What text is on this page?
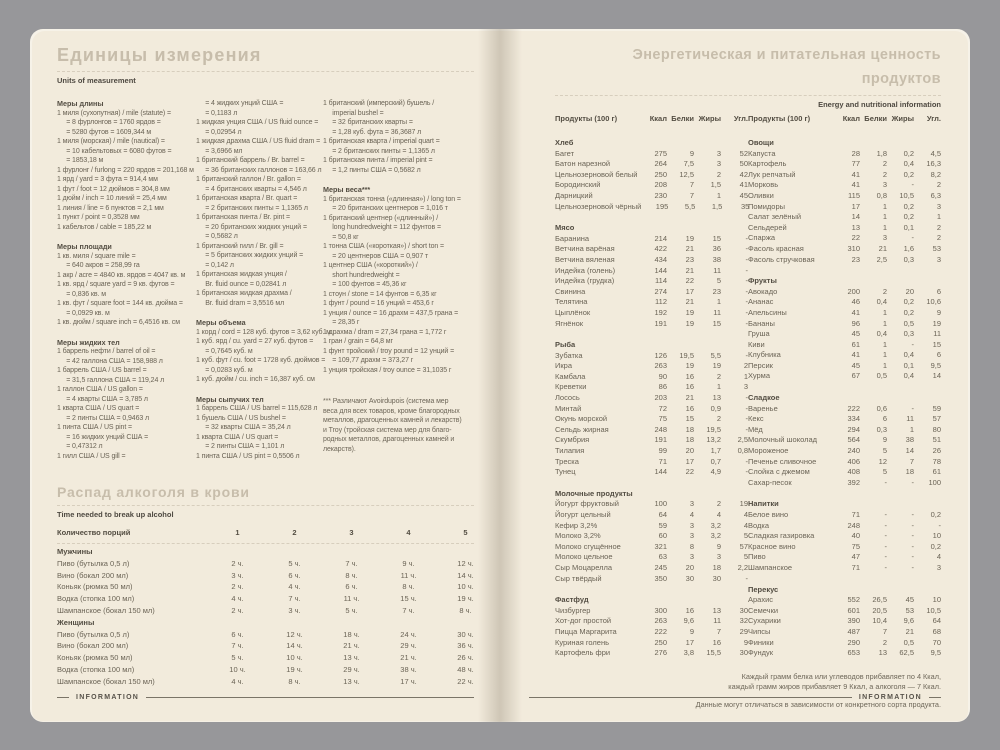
Единицы измерения
Units of measurement
Меры длины
1 миля (сухопутная) / mile (statute) =
= 8 фурлонгов = 1760 ярдов =
= 5280 футов = 1609,344 м
1 миля (морская) / mile (nautical) =
= 10 кабельтовых = 6080 футов =
= 1853,18 м
1 фурлонг / furlong = 220 ярдов = 201,168 м
1 ярд / yard = 3 фута = 914,4 мм
1 фут / foot = 12 дюймов = 304,8 мм
1 дюйм / inch = 10 линий = 25,4 мм
1 линия / line = 6 пунктов = 2,1 мм
1 пункт / point = 0,3528 мм
1 кабельтов / cable = 185,22 м
Меры площади
1 кв. миля / square mile =
= 640 акров = 258,99 га
1 акр / acre = 4840 кв. ярдов = 4047 кв. м
1 кв. ярд / square yard = 9 кв. футов =
= 0,836 кв. м
1 кв. фут / square foot = 144 кв. дюйма =
= 0,0929 кв. м
1 кв. дюйм / square inch = 6,4516 кв. см
Меры жидких тел
1 баррель нефти / barrel of oil =
= 42 галлона США = 158,988 л
1 баррель США / US barrel =
= 31,5 галлона США = 119,24 л
1 галлон США / US gallon =
= 4 кварты США = 3,785 л
1 кварта США / US quart =
= 2 пинты США = 0,9463 л
1 пинта США / US pint =
= 16 жидких унций США =
= 0,47312 л
1 гилл США / US gill =
= 4 жидких унций США =
= 0,1183 л
1 жидкая унция США / US fluid ounce =
= 0,02954 л
1 жидкая драхма США / US fluid dram =
= 3,6966 мл
1 британский баррель / Br. barrel =
= 36 британских галлонов = 163,66 л
1 британский галлон / Br. gallon =
= 4 британских кварты = 4,546 л
1 британская кварта / Br. quart =
= 2 британских пинты = 1,1365 л
1 британская пинта / Br. pint =
= 20 британских жидких унций =
= 0,5682 л
1 британский гилл / Br. gill =
= 5 британских жидких унций =
= 0,142 л
1 британская жидкая унция /
Br. fluid ounce = 0,02841 л
1 британская жидкая драхма /
Br. fluid dram = 3,5516 мл
Меры объема
1 корд / cord = 128 куб. футов = 3,62 куб. м
1 куб. ярд / cu. yard = 27 куб. футов =
= 0,7645 куб. м
1 куб. фут / cu. foot = 1728 куб. дюймов =
= 0,0283 куб. м
1 куб. дюйм / cu. inch = 16,387 куб. см
Меры сыпучих тел
1 баррель США / US barrel = 115,628 л
1 бушель США / US bushel =
= 32 кварты США = 35,24 л
1 кварта США / US quart =
= 2 пинты США = 1,101 л
1 пинта США / US pint = 0,5506 л
1 британский (имперский) бушель /
imperial bushel =
= 32 британских кварты =
= 1,28 куб. фута = 36,3687 л
1 британская кварта / imperial quart =
= 2 британских пинты = 1,1365 л
1 британская пинта / imperial pint =
= 1,2 пинты США = 0,5682 л
Меры веса***
1 британская тонна («длинная») / long ton =
= 20 британских центнеров = 1,016 т
1 британский центнер («длинный») /
long hundredweight = 112 фунтов =
= 50,8 кг
1 тонна США («короткая») / short ton =
= 20 центнеров США = 0,907 т
1 центнер США («короткий») /
short hundredweight =
= 100 фунтов = 45,36 кг
1 стоун / stone = 14 фунтов = 6,35 кг
1 фунт / pound = 16 унций = 453,6 г
1 унция / ounce = 16 драхм = 437,5 грана =
= 28,35 г
1 драхма / dram = 27,34 грана = 1,772 г
1 гран / grain = 64,8 мг
1 фунт тройский / troy pound = 12 унций =
= 109,77 драхм = 373,27 г
1 унция тройская / troy ounce = 31,1035 г
*** Различают Avoirdupois (система мер
веса для всех товаров, кроме благородных
металлов, драгоценных камней и лекарств)
и Troy (тройская система мер для благо-
родных металлов, драгоценных камней и
лекарств).
Распад алкоголя в крови
Time needed to break up alcohol
Количество порций	1	2	3	4	5
Мужчины
Пиво (бутылка 0,5 л)	2 ч.	5 ч.	7 ч.	9 ч.	12 ч.
Вино (бокал 200 мл)	3 ч.	6 ч.	8 ч.	11 ч.	14 ч.
Коньяк (рюмка 50 мл)	2 ч.	4 ч.	6 ч.	8 ч.	10 ч.
Водка (стопка 100 мл)	4 ч.	7 ч.	11 ч.	15 ч.	19 ч.
Шампанское (бокал 150 мл)	2 ч.	3 ч.	5 ч.	7 ч.	8 ч.
Женщины
Пиво (бутылка 0,5 л)	6 ч.	12 ч.	18 ч.	24 ч.	30 ч.
Вино (бокал 200 мл)	7 ч.	14 ч.	21 ч.	29 ч.	36 ч.
Коньяк (рюмка 50 мл)	5 ч.	10 ч.	13 ч.	21 ч.	26 ч.
Водка (стопка 100 мл)	10 ч.	19 ч.	29 ч.	38 ч.	48 ч.
Шампанское (бокал 150 мл)	4 ч.	8 ч.	13 ч.	17 ч.	22 ч.
INFORMATION
Энергетическая и питательная ценность продуктов
Energy and nutritional information
Продукты (100 г)	Ккал Белки Жиры	Угл.
Хлеб
Багет	275	9	3	52
Батон нарезной	264	7,5	3	50
Цельнозерновой белый	250	12,5	2	42
Бородинский	208	7	1,5	41
Дарницкий	230	7	1	45
Цельнозерновой чёрный	195	5,5	1,5	35
Мясо
Баранина	214	19	15	-
Ветчина варёная	422	21	36	-
Ветчина вяленая	434	23	38	-
Индейка (голень)	144	21	11	-
Индейка (грудка)	114	22	5	-
Свинина	274	17	23	-
Телятина	112	21	1	-
Цыплёнок	192	19	11	-
Ягнёнок	191	19	15	-
Рыба
Зубатка	126	19,5	5,5	-
Икра	263	19	19	2
Камбала	90	16	2	1
Креветки	86	16	1	3
Лосось	203	21	13	-
Минтай	72	16	0,9	-
Окунь морской	75	15	2	-
Сельдь жирная	248	18	19,5	-
Скумбрия	191	18	13,2	2,5
Тилапия	99	20	1,7	0,8
Треска	71	17	0,7	-
Тунец	144	22	4,9	-
Молочные продукты
Йогурт фруктовый	100	3	2	19
Йогурт цельный	64	4	4	4
Кефир 3,2%	59	3	3,2	4
Молоко 3,2%	60	3	3,2	5
Молоко сгущённое	321	8	9	57
Молоко цельное	63	3	3	5
Сыр Моцарелла	245	20	18	2,2
Сыр твёрдый	350	30	30	-
Фастфуд
Чизбургер	300	16	13	30
Хот-дог простой	263	9,6	11	32
Пицца Маргарита	222	9	7	29
Куриная голень	250	17	16	9
Картофель фри	276	3,8	15,5	30
Продукты (100 г)	Ккал Белки Жиры	Угл.
Овощи
Капуста	28	1,8	0,2	4,5
Картофель	77	2	0,4	16,3
Лук репчатый	41	2	0,2	8,2
Морковь	41	3	-	2
Оливки	115	0,8	10,5	6,3
Помидоры	17	1	0,2	3
Салат зелёный	14	1	0,2	1
Сельдерей	13	1	0,1	2
Спаржа	22	3	-	2
Фасоль красная	310	21	1,6	53
Фасоль стручковая	23	2,5	0,3	3
Фрукты
Авокадо	200	2	20	6
Ананас	46	0,4	0,2	10,6
Апельсины	41	1	0,2	9
Бананы	96	1	0,5	19
Груша	45	0,4	0,3	11
Киви	61	1	-	15
Клубника	41	1	0,4	6
Персик	45	1	0,1	9,5
Хурма	67	0,5	0,4	14
Сладкое
Варенье	222	0,6	-	59
Кекс	334	6	11	57
Мёд	294	0,3	1	80
Молочный шоколад	564	9	38	51
Мороженое	240	5	14	26
Печенье сливочное	406	12	7	78
Слойка с джемом	408	5	18	61
Сахар-песок	392	-	-	100
Напитки
Белое вино	71	-	-	0,2
Водка	248	-	-	-
Сладкая газировка	40	-	-	10
Красное вино	75	-	-	0,2
Пиво	47	-	-	4
Шампанское	71	-	-	3
Перекус
Арахис	552	26,5	45	10
Семечки	601	20,5	53	10,5
Сухарики	390	10,4	9,6	64
Чипсы	487	7	21	68
Финики	290	2	0,5	70
Фундук	653	13	62,5	9,5
Каждый грамм белка или углеводов прибавляет по 4 Ккал,
каждый грамм жиров прибавляет 9 Ккал, а алкоголя — 7 Ккал.
Данные могут отличаться в зависимости от конкретного сорта продукта.
INFORMATION
